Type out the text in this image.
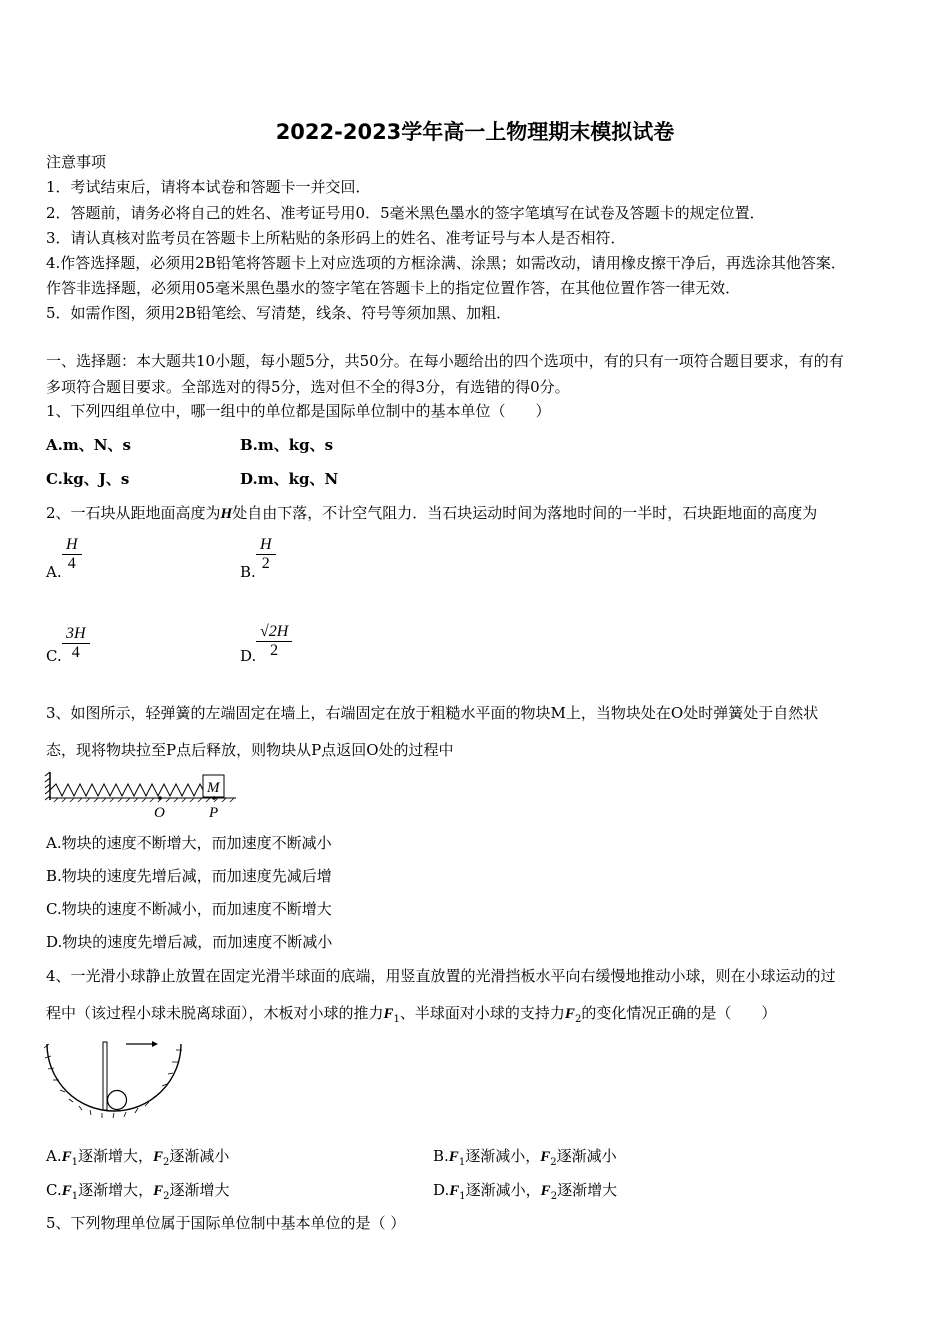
2022-2023学年高一上物理期末模拟试卷
注意事项
1．考试结束后，请将本试卷和答题卡一并交回．
2．答题前，请务必将自己的姓名、准考证号用0．5毫米黑色墨水的签字笔填写在试卷及答题卡的规定位置．
3．请认真核对监考员在答题卡上所粘贴的条形码上的姓名、准考证号与本人是否相符．
4.作答选择题，必须用2B铅笔将答题卡上对应选项的方框涂满、涂黑；如需改动，请用橡皮擦干净后，再选涂其他答案．
作答非选择题，必须用05毫米黑色墨水的签字笔在答题卡上的指定位置作答，在其他位置作答一律无效．
5．如需作图，须用2B铅笔绘、写清楚，线条、符号等须加黑、加粗．
一、选择题：本大题共10小题，每小题5分，共50分。在每小题给出的四个选项中，有的只有一项符合题目要求，有的有
多项符合题目要求。全部选对的得5分，选对但不全的得3分，有选错的得0分。
1、下列四组单位中，哪一组中的单位都是国际单位制中的基本单位（　　）
A.m、N、s	B.m、kg、s
C.kg、J、s	D.m、kg、N
2、一石块从距地面高度为H处自由下落，不计空气阻力．当石块运动时间为落地时间的一半时，石块距地面的高度为
A. $\frac{H}{4}$	B. $\frac{H}{2}$
C. $\frac{3H}{4}$	D. $\frac{√2H}{2}$
3、如图所示，轻弹簧的左端固定在墙上，右端固定在放于粗糙水平面的物块M上，当物块处在O处时弹簧处于自然状
态，现将物块拉至P点后释放，则物块从P点返回O处的过程中
M
O	P
A.物块的速度不断增大，而加速度不断减小
B.物块的速度先增后减，而加速度先减后增
C.物块的速度不断减小，而加速度不断增大
D.物块的速度先增后减，而加速度不断减小
4、一光滑小球静止放置在固定光滑半球面的底端，用竖直放置的光滑挡板水平向右缓慢地推动小球，则在小球运动的过
程中（该过程小球未脱离球面），木板对小球的推力$F_1$、半球面对小球的支持力$F_2$的变化情况正确的是（　　）
$A.F_1$逐渐增大，$F_2$逐渐减小	$B.F_1$逐渐减小，$F_2$逐渐减小
$C.F_1$逐渐增大，$F_2$逐渐增大	$D.F_1$逐渐减小，$F_2$逐渐增大
5、下列物理单位属于国际单位制中基本单位的是（ ）
